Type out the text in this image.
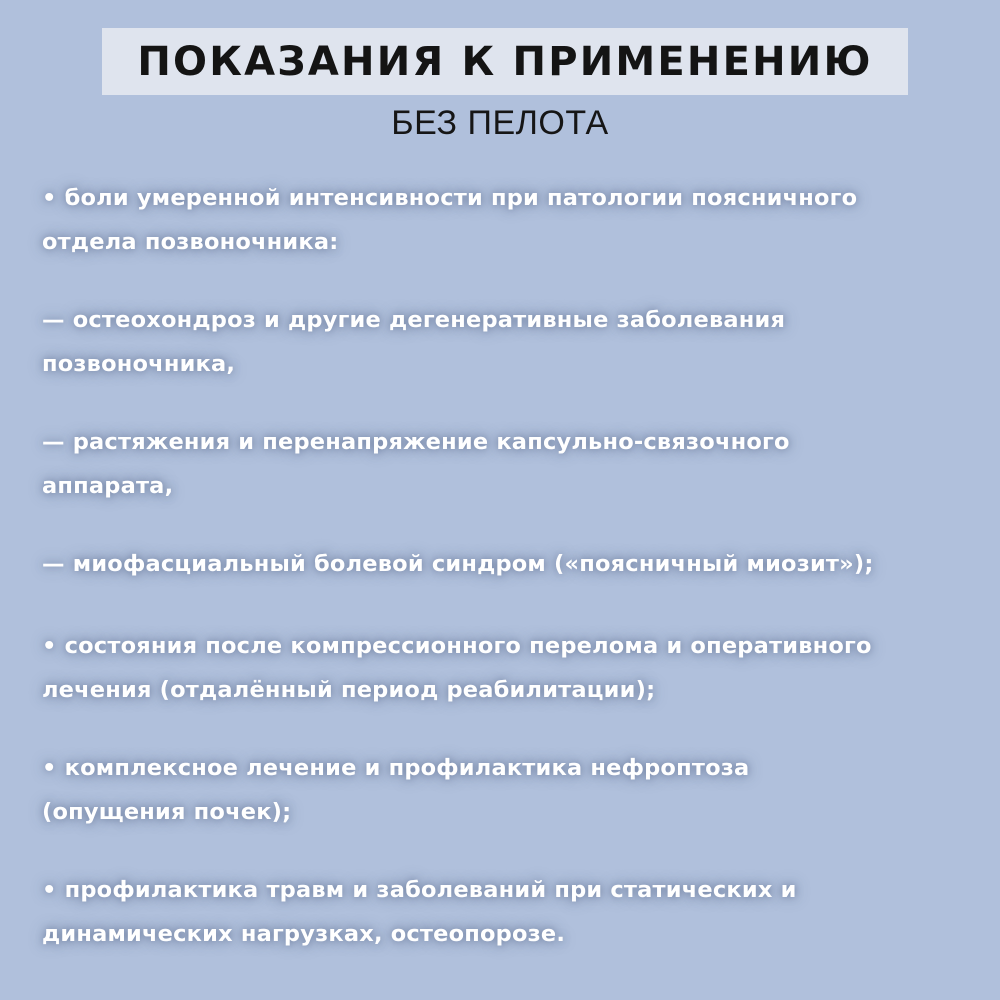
ПОКАЗАНИЯ К ПРИМЕНЕНИЮ

БЕЗ ПЕЛОТА

• боли умеренной интенсивности при патологии поясничного
отдела позвоночника:
— остеохондроз и другие дегенеративные заболевания
позвоночника,
— растяжения и перенапряжение капсульно-связочного
аппарата,
— миофасциальный болевой синдром («поясничный миозит»);
• состояния после компрессионного перелома и оперативного
лечения (отдалённый период реабилитации);
• комплексное лечение и профилактика нефроптоза
(опущения почек);
• профилактика травм и заболеваний при статических и
динамических нагрузках, остеопорозе.
